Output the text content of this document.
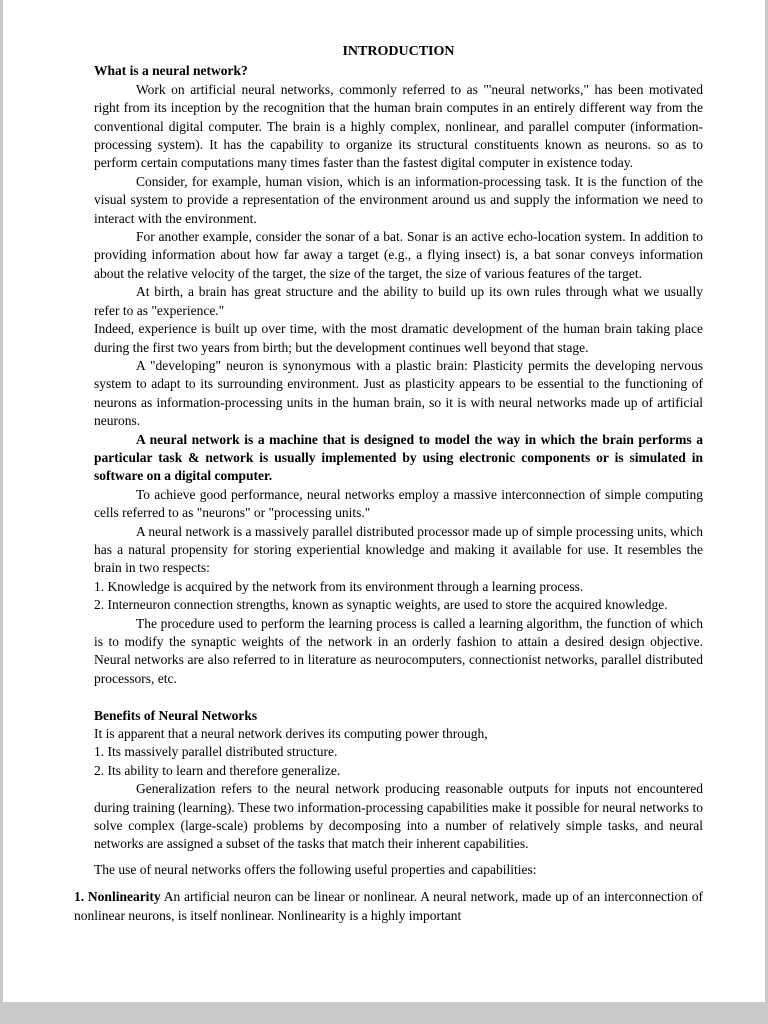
INTRODUCTION
What is a neural network?

Work on artificial neural networks, commonly referred to as "'neural networks," has been motivated right from its inception by the recognition that the human brain computes in an entirely different way from the conventional digital computer. The brain is a highly complex, nonlinear, and parallel computer (information-processing system). It has the capability to organize its structural constituents known as neurons. so as to perform certain computations many times faster than the fastest digital computer in existence today.

Consider, for example, human vision, which is an information-processing task. It is the function of the visual system to provide a representation of the environment around us and supply the information we need to interact with the environment.

For another example, consider the sonar of a bat. Sonar is an active echo-location system. In addition to providing information about how far away a target (e.g., a flying insect) is, a bat sonar conveys information about the relative velocity of the target, the size of the target, the size of various features of the target.

At birth, a brain has great structure and the ability to build up its own rules through what we usually refer to as "experience."

Indeed, experience is built up over time, with the most dramatic development of the human brain taking place during the first two years from birth; but the development continues well beyond that stage.

A "developing" neuron is synonymous with a plastic brain: Plasticity permits the developing nervous system to adapt to its surrounding environment. Just as plasticity appears to be essential to the functioning of neurons as information-processing units in the human brain, so it is with neural networks made up of artificial neurons.

A neural network is a machine that is designed to model the way in which the brain performs a particular task & network is usually implemented by using electronic components or is simulated in software on a digital computer.

To achieve good performance, neural networks employ a massive interconnection of simple computing cells referred to as "neurons" or "processing units."

A neural network is a massively parallel distributed processor made up of simple processing units, which has a natural propensity for storing experiential knowledge and making it available for use. It resembles the brain in two respects:

1. Knowledge is acquired by the network from its environment through a learning process.

2. Interneuron connection strengths, known as synaptic weights, are used to store the acquired knowledge.

The procedure used to perform the learning process is called a learning algorithm, the function of which is to modify the synaptic weights of the network in an orderly fashion to attain a desired design objective. Neural networks are also referred to in literature as neurocomputers, connectionist networks, parallel distributed processors, etc.

Benefits of Neural Networks

It is apparent that a neural network derives its computing power through,

1. Its massively parallel distributed structure.

2. Its ability to learn and therefore generalize.

Generalization refers to the neural network producing reasonable outputs for inputs not encountered during training (learning). These two information-processing capabilities make it possible for neural networks to solve complex (large-scale) problems by decomposing into a number of relatively simple tasks, and neural networks are assigned a subset of the tasks that match their inherent capabilities.

The use of neural networks offers the following useful properties and capabilities:

1. Nonlinearity An artificial neuron can be linear or nonlinear. A neural network, made up of an interconnection of nonlinear neurons, is itself nonlinear. Nonlinearity is a highly important
